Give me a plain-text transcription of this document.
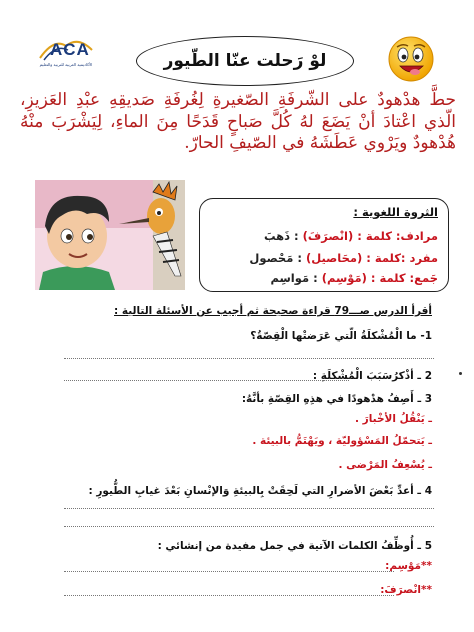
ACA
الأكاديمية العربية للتربية والتعليم	لوْ رَحلت عنّا الطّيور
حطَّ هدْهودٌ على الشّرفَةِ الصّغيرةِ لِغُرفَةِ صَديقِهِ عبْدِ العَزيزِ، الّذي اعْتادَ أنْ يَضَعَ لهُ كُلَّ صَباحٍ قَدَحًا مِنَ الماءِ، لِيَشْرَبَ منْهُ هُدْهودٌ ويَرْوي عَطَشَهُ في الصّيفِ الحارّ.
الثروة اللغوية :
مرادف: كلمة : (انْصرَفَ) : ذَهبَ
مفرد :كلمة : (محَاصيل) : مَحْصول
جَمع: كلمة : (مَوْسِم) : مَواسِم
أقرأ الدرس صـــ79 قراءة صحيحة ثم أجيب عن الأسئلة التالية :
1- ما الْمُشْكلَةُ الّتي عَرَضتْها الْقِصّةُ؟
2 ـ أذْكرُسَبَبَ الْمُشْكلَةِ :
3 ـ أَصِفُ هدْهودًا في هذِهِ القِصّةِ بأنَّهُ:
ـ يَنْقُلُ الأخْبارَ .
ـ يَتحمّلُ المَسْؤوليّة ، ويَهْتَمُّ بالبيئة .
ـ يُسْعِفُ المَرْضى .
4 ـ أعدِّ بَعْضَ الأضرارِ التي لَحِقَتْ بِالبيئةِ وَالإنْسانِ بَعْدَ غيابِ الطُّيورِ :
5 ـ أُوظِّفُ الكلمات الآتية في جمل مفيدة من إنشائي :
**مَوْسِم:
**انْصرَفَ:
